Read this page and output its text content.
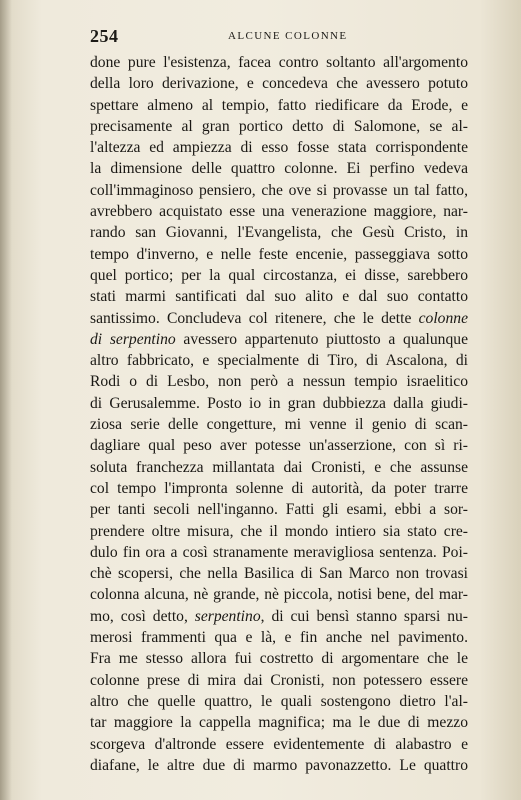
254	ALCUNE COLONNE
done pure l'esistenza, facea contro soltanto all'argomento
della loro derivazione, e concedeva che avessero potuto
spettare almeno al tempio, fatto riedificare da Erode, e
precisamente al gran portico detto di Salomone, se al-
l'altezza ed ampiezza di esso fosse stata corrispondente
la dimensione delle quattro colonne. Ei perfino vedeva
coll'immaginoso pensiero, che ove si provasse un tal fatto,
avrebbero acquistato esse una venerazione maggiore, nar-
rando san Giovanni, l'Evangelista, che Gesù Cristo, in
tempo d'inverno, e nelle feste encenie, passeggiava sotto
quel portico; per la qual circostanza, ei disse, sarebbero
stati marmi santificati dal suo alito e dal suo contatto
santissimo. Concludeva col ritenere, che le dette colonne
di serpentino avessero appartenuto piuttosto a qualunque
altro fabbricato, e specialmente di Tiro, di Ascalona, di
Rodi o di Lesbo, non però a nessun tempio israelitico
di Gerusalemme. Posto io in gran dubbiezza dalla giudi-
ziosa serie delle congetture, mi venne il genio di scan-
dagliare qual peso aver potesse un'asserzione, con sì ri-
soluta franchezza millantata dai Cronisti, e che assunse
col tempo l'impronta solenne di autorità, da poter trarre
per tanti secoli nell'inganno. Fatti gli esami, ebbi a sor-
prendere oltre misura, che il mondo intiero sia stato cre-
dulo fin ora a così stranamente meravigliosa sentenza. Poi-
chè scopersi, che nella Basilica di San Marco non trovasi
colonna alcuna, nè grande, nè piccola, notisi bene, del mar-
mo, così detto, serpentino, di cui bensì stanno sparsi nu-
merosi frammenti qua e là, e fin anche nel pavimento.
Fra me stesso allora fui costretto di argomentare che le
colonne prese di mira dai Cronisti, non potessero essere
altro che quelle quattro, le quali sostengono dietro l'al-
tar maggiore la cappella magnifica; ma le due di mezzo
scorgeva d'altronde essere evidentemente di alabastro e
diafane, le altre due di marmo pavonazzetto. Le quattro
